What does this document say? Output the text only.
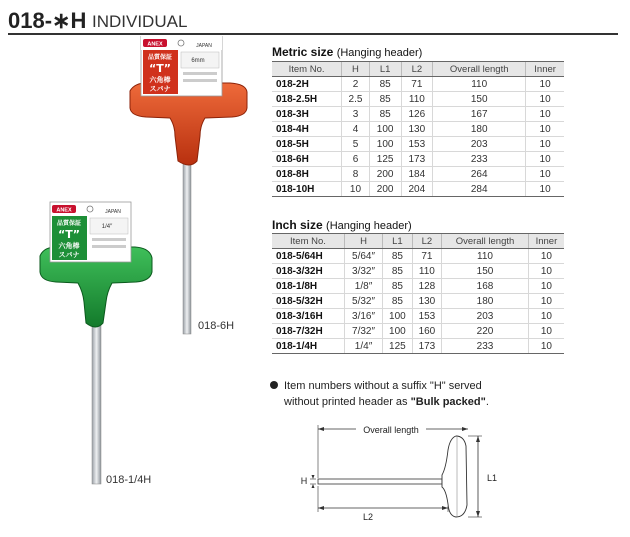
018-∗H INDIVIDUAL
ANEX	JAPAN
品質保証
“T”
六角棒
スパナ
6mm
ANEX	JAPAN
品質保証
“T”
六角棒
スパナ
1/4″
018-6H
018-1/4H
Metric size (Hanging header)
Item No.	H	L1	L2	Overall length	Inner
018-2H	2	85	71	110	10
018-2.5H	2.5	85	110	150	10
018-3H	3	85	126	167	10
018-4H	4	100	130	180	10
018-5H	5	100	153	203	10
018-6H	6	125	173	233	10
018-8H	8	200	184	264	10
018-10H	10	200	204	284	10
Inch size (Hanging header)
Item No.	H	L1	L2	Overall length	Inner
018-5/64H	5/64″	85	71	110	10
018-3/32H	3/32″	85	110	150	10
018-1/8H	1/8″	85	128	168	10
018-5/32H	5/32″	85	130	180	10
018-3/16H	3/16″	100	153	203	10
018-7/32H	7/32″	100	160	220	10
018-1/4H	1/4″	125	173	233	10
Item numbers without a suffix "H" served
without printed header as "Bulk packed".
Overall length
H	L1
L2
